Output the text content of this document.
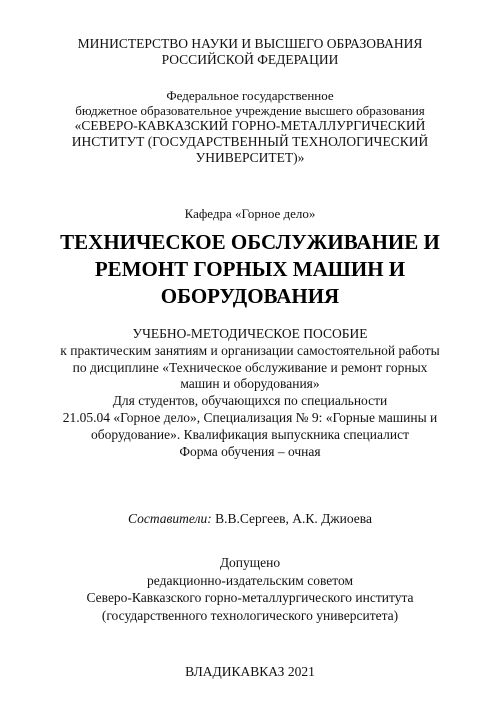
МИНИСТЕРСТВО НАУКИ И ВЫСШЕГО ОБРАЗОВАНИЯ
РОССИЙСКОЙ ФЕДЕРАЦИИ
Федеральное государственное
бюджетное образовательное учреждение высшего образования
«СЕВЕРО-КАВКАЗСКИЙ ГОРНО-МЕТАЛЛУРГИЧЕСКИЙ
ИНСТИТУТ (ГОСУДАРСТВЕННЫЙ ТЕХНОЛОГИЧЕСКИЙ
УНИВЕРСИТЕТ)»
Кафедра «Горное дело»
ТЕХНИЧЕСКОЕ ОБСЛУЖИВАНИЕ И
РЕМОНТ ГОРНЫХ МАШИН И
ОБОРУДОВАНИЯ
УЧЕБНО-МЕТОДИЧЕСКОЕ ПОСОБИЕ
к практическим занятиям и организации самостоятельной работы
по дисциплине «Техническое обслуживание и ремонт горных
машин и оборудования»
Для студентов, обучающихся по специальности
21.05.04 «Горное дело», Специализация № 9: «Горные машины и
оборудование». Квалификация выпускника специалист
Форма обучения – очная
Составители: В.В.Сергеев, А.К. Джиоева
Допущено
редакционно-издательским советом
Северо-Кавказского горно-металлургического института
(государственного технологического университета)
ВЛАДИКАВКАЗ 2021
